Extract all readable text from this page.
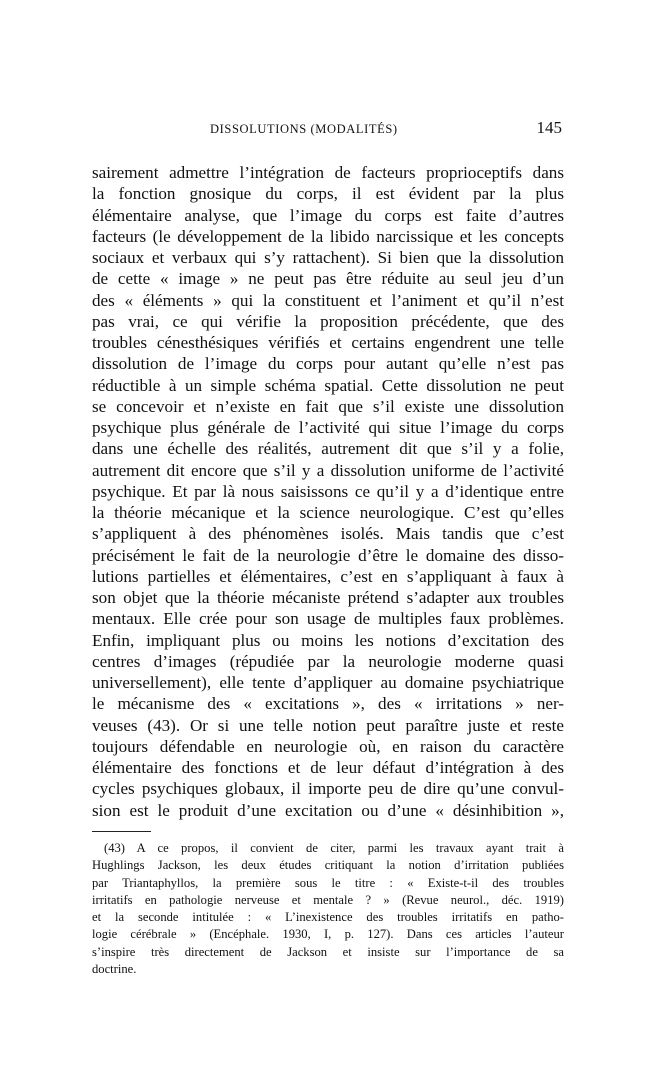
DISSOLUTIONS (MODALITÉS)	145
sairement admettre l’intégration de facteurs proprioceptifs dans
la fonction gnosique du corps, il est évident par la plus
élémentaire analyse, que l’image du corps est faite d’autres
facteurs (le développement de la libido narcissique et les concepts
sociaux et verbaux qui s’y rattachent). Si bien que la dissolution
de cette « image » ne peut pas être réduite au seul jeu d’un
des « éléments » qui la constituent et l’animent et qu’il n’est
pas vrai, ce qui vérifie la proposition précédente, que des
troubles cénesthésiques vérifiés et certains engendrent une telle
dissolution de l’image du corps pour autant qu’elle n’est pas
réductible à un simple schéma spatial. Cette dissolution ne peut
se concevoir et n’existe en fait que s’il existe une dissolution
psychique plus générale de l’activité qui situe l’image du corps
dans une échelle des réalités, autrement dit que s’il y a folie,
autrement dit encore que s’il y a dissolution uniforme de l’activité
psychique. Et par là nous saisissons ce qu’il y a d’identique entre
la théorie mécanique et la science neurologique. C’est qu’elles
s’appliquent à des phénomènes isolés. Mais tandis que c’est
précisément le fait de la neurologie d’être le domaine des disso-
lutions partielles et élémentaires, c’est en s’appliquant à faux à
son objet que la théorie mécaniste prétend s’adapter aux troubles
mentaux. Elle crée pour son usage de multiples faux problèmes.
Enfin, impliquant plus ou moins les notions d’excitation des
centres d’images (répudiée par la neurologie moderne quasi
universellement), elle tente d’appliquer au domaine psychiatrique
le mécanisme des « excitations », des « irritations » ner-
veuses (43). Or si une telle notion peut paraître juste et reste
toujours défendable en neurologie où, en raison du caractère
élémentaire des fonctions et de leur défaut d’intégration à des
cycles psychiques globaux, il importe peu de dire qu’une convul-
sion est le produit d’une excitation ou d’une « désinhibition »,
(43) A ce propos, il convient de citer, parmi les travaux ayant trait à
Hughlings Jackson, les deux études critiquant la notion d’irritation publiées
par Triantaphyllos, la première sous le titre : « Existe-t-il des troubles
irritatifs en pathologie nerveuse et mentale ? » (Revue neurol., déc. 1919)
et la seconde intitulée : « L’inexistence des troubles irritatifs en patho-
logie cérébrale » (Encéphale. 1930, I, p. 127). Dans ces articles l’auteur
s’inspire très directement de Jackson et insiste sur l’importance de sa
doctrine.
